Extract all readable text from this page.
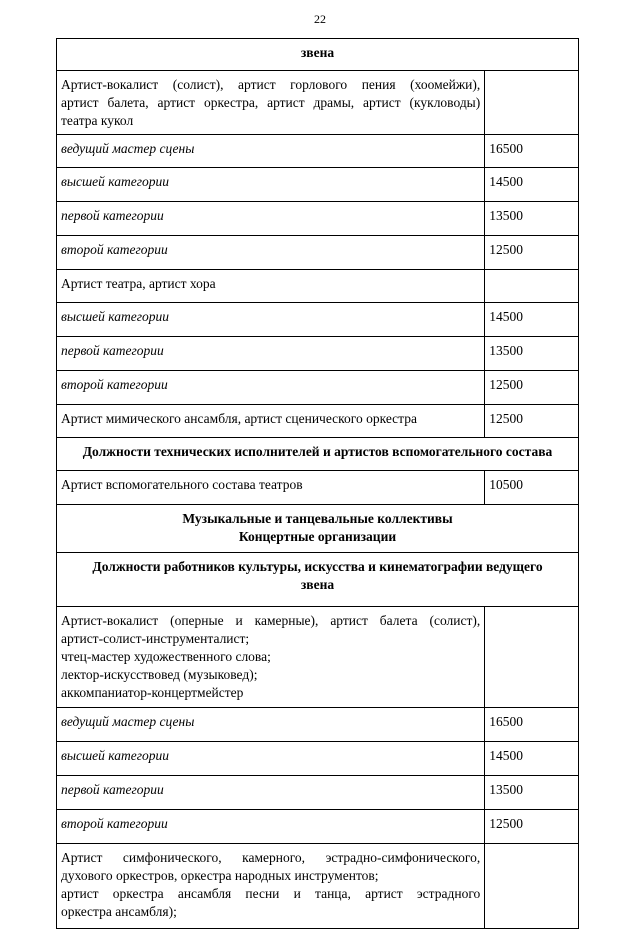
22
звена	

Артист-вокалист (солист), артист горлового пения (хоомейжи),
артист балета, артист оркестра, артист драмы, артист (кукловоды)
театра кукол	

ведущий мастер сцены	16500
высшей категории	14500
первой категории	13500
второй категории	12500
Артист театра, артист хора	
высшей категории	14500
первой категории	13500
второй категории	12500
Артист мимического ансамбля, артист сценического оркестра	12500
Должности технических исполнителей и артистов вспомогательного состава	
Артист вспомогательного состава театров	10500

Музыкальные и танцевальные коллективы
Концертные организации	

Должности работников культуры, искусства и кинематографии ведущего
звена	

Артист-вокалист (оперные и камерные), артист балета (солист),
артист-солист-инструменталист;
чтец-мастер художественного слова;
лектор-искусствовед (музыковед);
аккомпаниатор-концертмейстер	

ведущий мастер сцены	16500
высшей категории	14500
первой категории	13500
второй категории	12500

Артист симфонического, камерного, эстрадно-симфонического,
духового оркестров, оркестра народных инструментов;
артист оркестра ансамбля песни и танца, артист эстрадного
оркестра ансамбля);	
